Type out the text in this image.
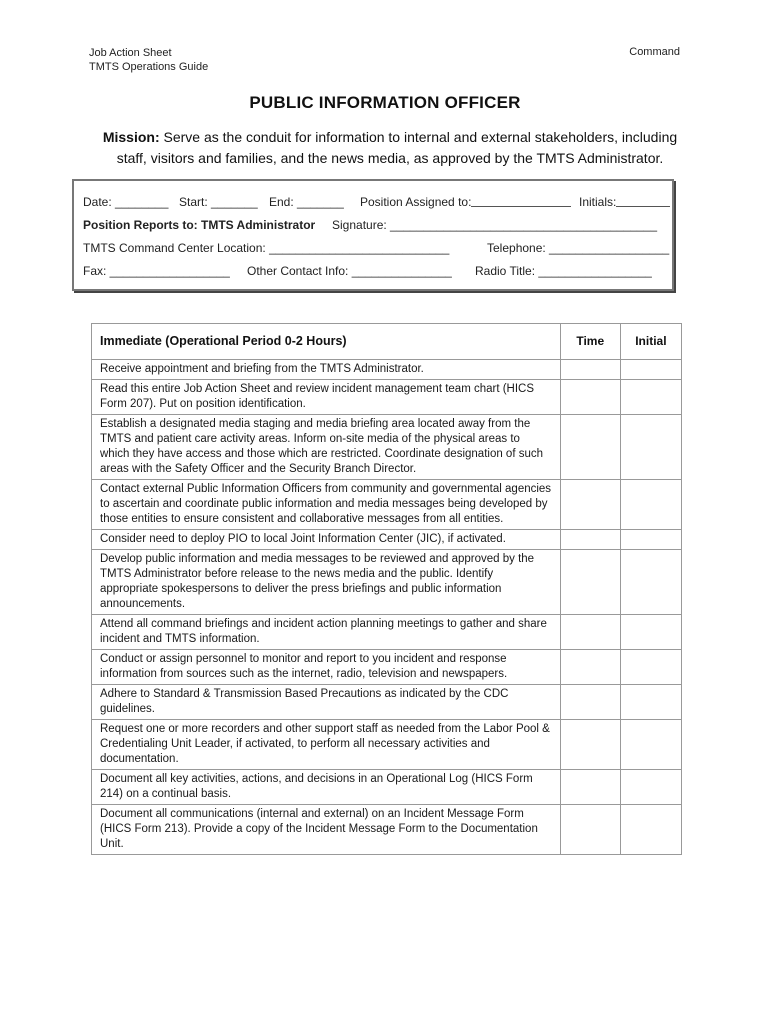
Job Action Sheet
TMTS Operations Guide
Command
PUBLIC INFORMATION OFFICER
Mission: Serve as the conduit for information to internal and external stakeholders, including staff, visitors and families, and the news media, as approved by the TMTS Administrator.
Date: ________ Start: _______ End: _______ Position Assigned to:	Initials:
Position Reports to: TMTS Administrator Signature: ________________________________________
TMTS Command Center Location: ___________________________	Telephone: __________________
Fax: __________________ Other Contact Info: _______________ Radio Title: _________________
Immediate (Operational Period 0-2 Hours)	Time	Initial
Receive appointment and briefing from the TMTS Administrator.		
Read this entire Job Action Sheet and review incident management team chart (HICS Form 207). Put on position identification.		
Establish a designated media staging and media briefing area located away from the TMTS and patient care activity areas. Inform on-site media of the physical areas to which they have access and those which are restricted. Coordinate designation of such areas with the Safety Officer and the Security Branch Director.		
Contact external Public Information Officers from community and governmental agencies to ascertain and coordinate public information and media messages being developed by those entities to ensure consistent and collaborative messages from all entities.		
Consider need to deploy PIO to local Joint Information Center (JIC), if activated.		
Develop public information and media messages to be reviewed and approved by the TMTS Administrator before release to the news media and the public. Identify appropriate spokespersons to deliver the press briefings and public information announcements.		
Attend all command briefings and incident action planning meetings to gather and share incident and TMTS information.		
Conduct or assign personnel to monitor and report to you incident and response information from sources such as the internet, radio, television and newspapers.		
Adhere to Standard & Transmission Based Precautions as indicated by the CDC guidelines.		
Request one or more recorders and other support staff as needed from the Labor Pool & Credentialing Unit Leader, if activated, to perform all necessary activities and documentation.		
Document all key activities, actions, and decisions in an Operational Log (HICS Form 214) on a continual basis.		
Document all communications (internal and external) on an Incident Message Form (HICS Form 213). Provide a copy of the Incident Message Form to the Documentation Unit.		
